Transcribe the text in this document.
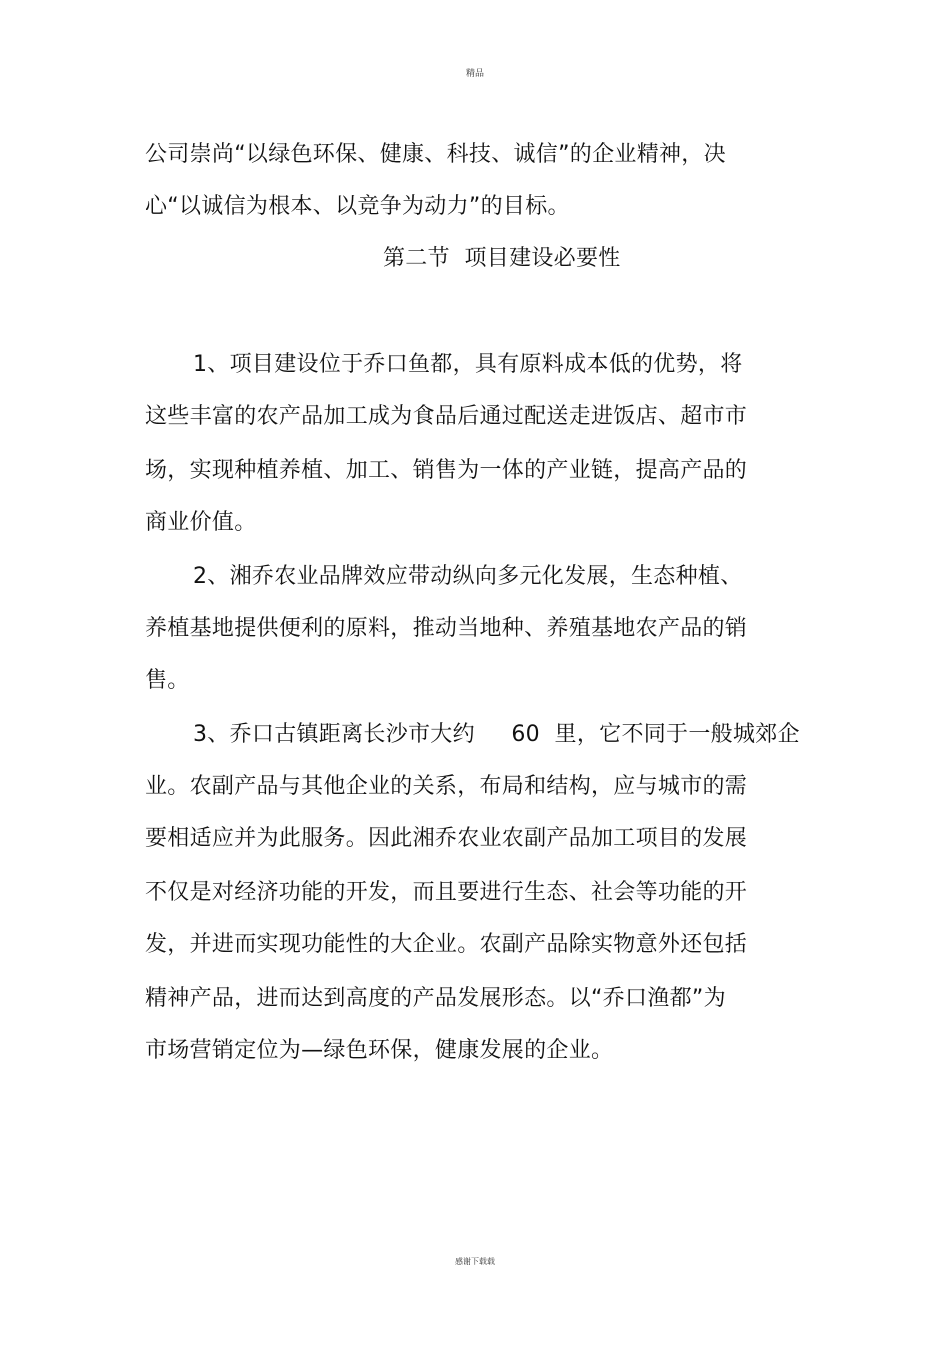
精品
公司崇尚“以绿色环保、健康、科技、诚信”的企业精神，决
心“以诚信为根本、以竞争为动力”的目标。
第二节  项目建设必要性
1、项目建设位于乔口鱼都，具有原料成本低的优势，将
这些丰富的农产品加工成为食品后通过配送走进饭店、超市市
场，实现种植养植、加工、销售为一体的产业链，提高产品的
商业价值。
2、湘乔农业品牌效应带动纵向多元化发展，生态种植、
养植基地提供便利的原料，推动当地种、养殖基地农产品的销
售。
3、乔口古镇距离长沙市大约     60  里，它不同于一般城郊企
业。农副产品与其他企业的关系，布局和结构，应与城市的需
要相适应并为此服务。因此湘乔农业农副产品加工项目的发展
不仅是对经济功能的开发，而且要进行生态、社会等功能的开
发，并进而实现功能性的大企业。农副产品除实物意外还包括
精神产品，进而达到高度的产品发展形态。以“乔口渔都”为
市场营销定位为—绿色环保，健康发展的企业。
感谢下载载
